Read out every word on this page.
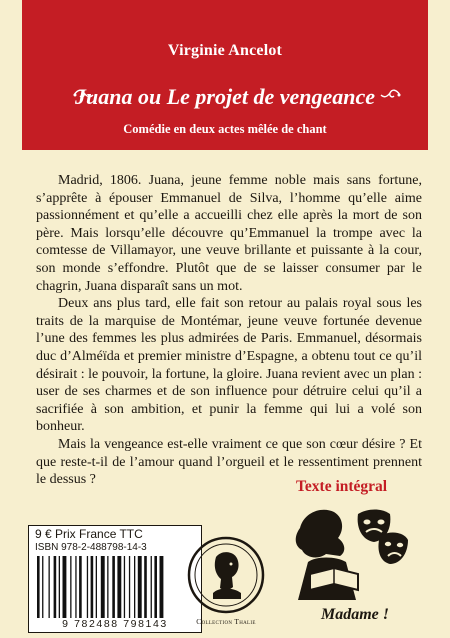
Virginie Ancelot
Juana ou Le projet de vengeance
Comédie en deux actes mêlée de chant

Madrid, 1806. Juana, jeune femme noble mais sans fortune, s’apprête à épouser Emmanuel de Silva, l’homme qu’elle aime passionnément et qu’elle a accueilli chez elle après la mort de son père. Mais lorsqu’elle découvre qu’Emmanuel la trompe avec la comtesse de Villamayor, une veuve brillante et puissante à la cour, son monde s’effondre. Plutôt que de se laisser consumer par le chagrin, Juana disparaît sans un mot.

Deux ans plus tard, elle fait son retour au palais royal sous les traits de la marquise de Montémar, jeune veuve fortunée devenue l’une des femmes les plus admirées de Paris. Emmanuel, désormais duc d’Alméïda et premier ministre d’Espagne, a obtenu tout ce qu’il désirait : le pouvoir, la fortune, la gloire. Juana revient avec un plan : user de ses charmes et de son influence pour détruire celui qu’il a sacrifiée à son ambition, et punir la femme qui lui a volé son bonheur.

Mais la vengeance est-elle vraiment ce que son cœur désire ? Et que reste-t-il de l’amour quand l’orgueil et le ressentiment prennent le dessus ?

9 € Prix France TTC
ISBN 978-2-488798-14-3
9 782488 798143	Collection Thalie
Texte intégral
Madame !
